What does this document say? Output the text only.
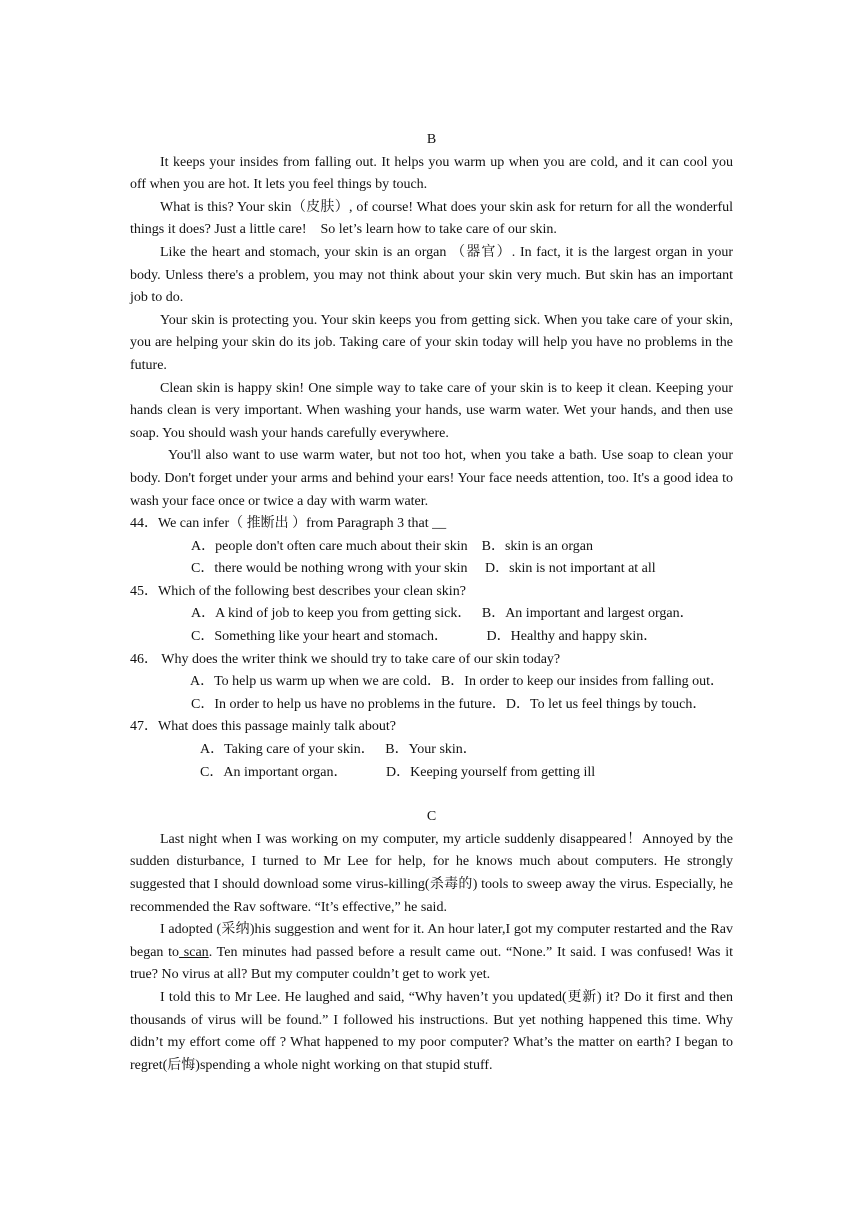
B

It keeps your insides from falling out. It helps you warm up when you are cold, and it can cool you off when you are hot. It lets you feel things by touch.

What is this? Your skin（皮肤）, of course! What does your skin ask for return for all the wonderful things it does? Just a little care!　So let’s learn how to take care of our skin.

Like the heart and stomach, your skin is an organ （器官）. In fact, it is the largest organ in your body. Unless there's a problem, you may not think about your skin very much. But skin has an important job to do.

Your skin is protecting you. Your skin keeps you from getting sick. When you take care of your skin, you are helping your skin do its job. Taking care of your skin today will help you have no problems in the future.

Clean skin is happy skin! One simple way to take care of your skin is to keep it clean. Keeping your hands clean is very important. When washing your hands, use warm water. Wet your hands, and then use soap. You should wash your hands carefully everywhere.

You'll also want to use warm water, but not too hot, when you take a bath. Use soap to clean your body. Don't forget under your arms and behind your ears! Your face needs attention, too. It's a good idea to wash your face once or twice a day with warm water.

44．We can infer（ 推断出 ）from Paragraph 3 that __

A．people don't often care much about their skin　B．skin is an organ

C．there would be nothing wrong with your skin　 D．skin is not important at all

45．Which of the following best describes your clean skin?

A．A kind of job to keep you from getting sick．　 B．An important and largest organ．

C．Something like your heart and stomach．　　　 D．Healthy and happy skin．

46． Why does the writer think we should try to take care of our skin today?

A．To help us warm up when we are cold．B．In order to keep our insides from falling out．

C．In order to help us have no problems in the future．D．To let us feel things by touch．

47．What does this passage mainly talk about?

A．Taking care of your skin．　 B．Your skin．

C．An important organ．　　　 D．Keeping yourself from getting ill

C

Last night when I was working on my computer, my article suddenly disappeared！Annoyed by the sudden disturbance, I turned to Mr Lee for help, for he knows much about computers. He strongly suggested that I should download some virus-killing(杀毒的) tools to sweep away the virus. Especially, he recommended the Rav software. “It’s effective,” he said.

I adopted (采纳)his suggestion and went for it. An hour later,I got my computer restarted and the Rav began to scan. Ten minutes had passed before a result came out. “None.” It said. I was confused! Was it true? No virus at all? But my computer couldn’t get to work yet.

I told this to Mr Lee. He laughed and said, “Why haven’t you updated(更新) it? Do it first and then thousands of virus will be found.” I followed his instructions. But yet nothing happened this time. Why didn’t my effort come off ? What happened to my poor computer? What’s the matter on earth? I began to regret(后悔)spending a whole night working on that stupid stuff.
